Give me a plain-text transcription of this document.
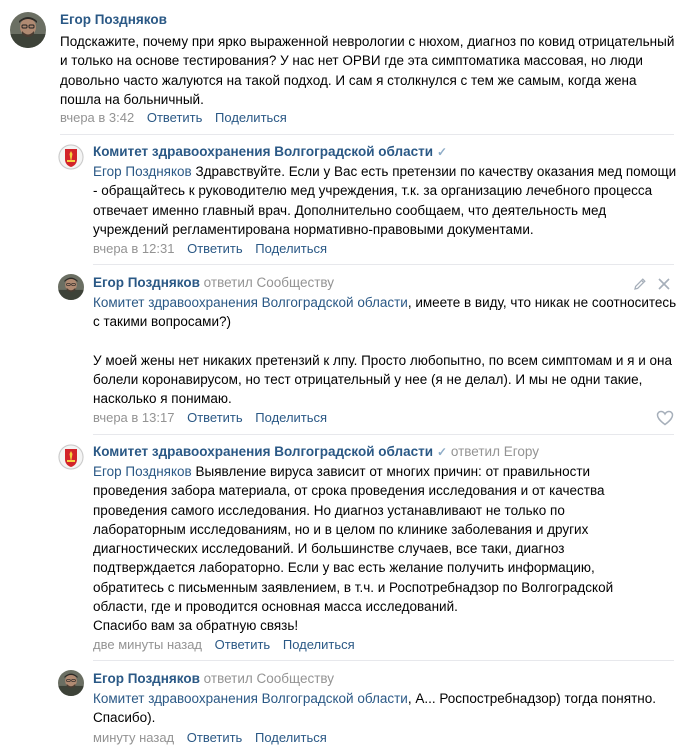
Егор Поздняков
Подскажите, почему при ярко выраженной неврологии с нюхом, диагноз по ковид отрицательный и только на основе тестирования? У нас нет ОРВИ где эта симптоматика массовая, но люди довольно часто жалуются на такой подход. И сам я столкнулся с тем же самым, когда жена пошла на больничный.
вчера в 3:42 Ответить Поделиться
Комитет здравоохранения Волгоградской области ✓
Егор Поздняков Здравствуйте. Если у Вас есть претензии по качеству оказания мед помощи - обращайтесь к руководителю мед учреждения, т.к. за организацию лечебного процесса отвечает именно главный врач. Дополнительно сообщаем, что деятельность мед учреждений регламентирована нормативно-правовыми документами.
вчера в 12:31 Ответить Поделиться
Егор Поздняков ответил Сообществу
Комитет здравоохранения Волгоградской области, имеете в виду, что никак не соотноситесь с такими вопросами?)
У моей жены нет никаких претензий к лпу. Просто любопытно, по всем симптомам и я и она болели коронавирусом, но тест отрицательный у нее (я не делал). И мы не одни такие, насколько я понимаю.
вчера в 13:17 Ответить Поделиться
Комитет здравоохранения Волгоградской области ✓ ответил Егору
Егор Поздняков Выявление вируса зависит от многих причин: от правильности проведения забора материала, от срока проведения исследования и от качества проведения самого исследования. Но диагноз устанавливают не только по лабораторным исследованиям, но и в целом по клинике заболевания и других диагностических исследований. И большинстве случаев, все таки, диагноз подтверждается лабораторно. Если у вас есть желание получить информацию, обратитесь с письменным заявлением, в т.ч. и Роспотребнадзор по Волгоградской области, где и проводится основная масса исследований.
Спасибо вам за обратную связь!
две минуты назад Ответить Поделиться
Егор Поздняков ответил Сообществу
Комитет здравоохранения Волгоградской области, А... Роспостребнадзор) тогда понятно. Спасибо).
минуту назад Ответить Поделиться
